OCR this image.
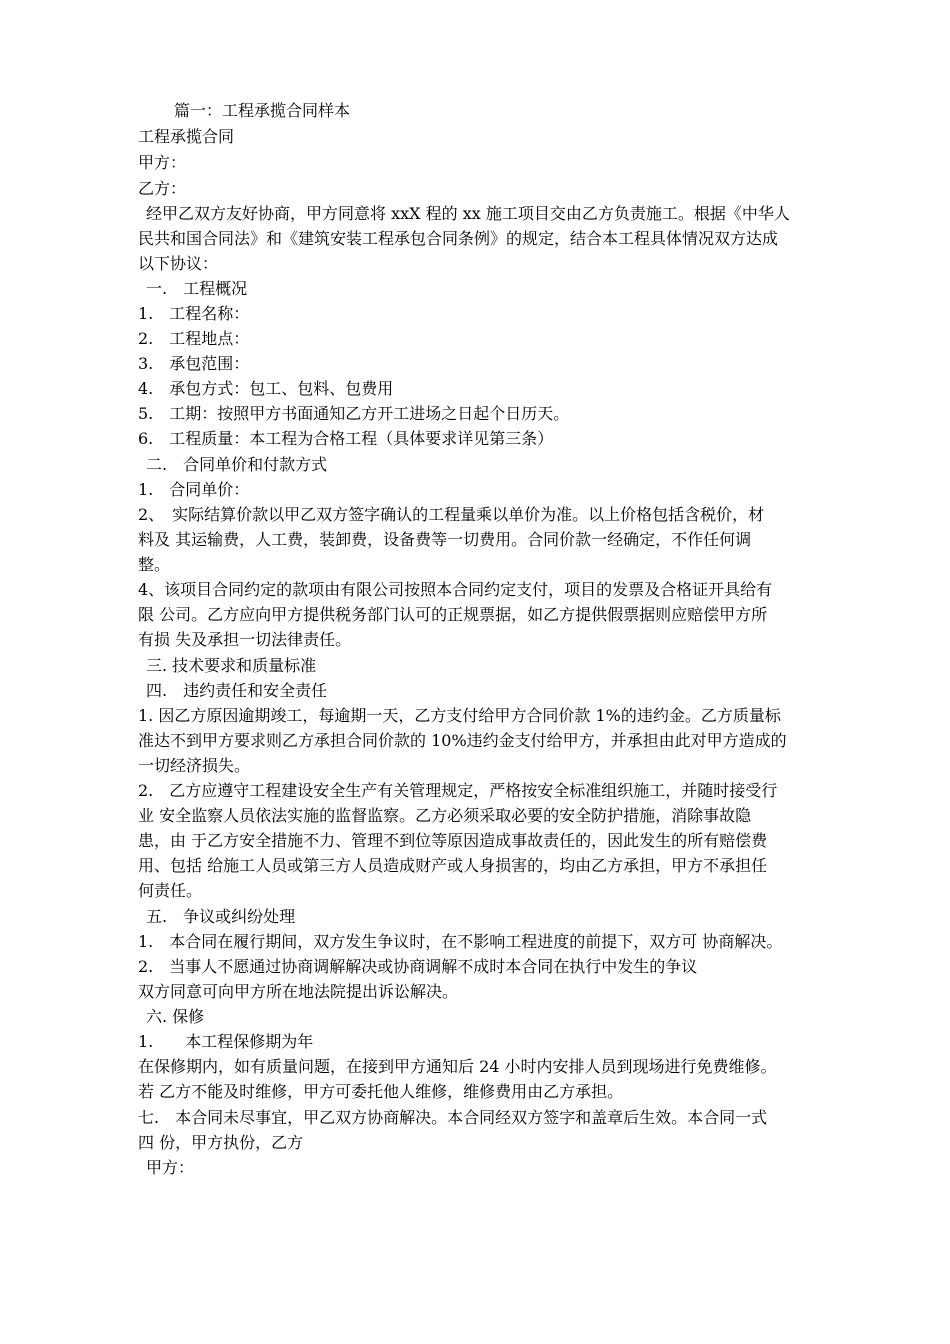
篇一：工程承揽合同样本
工程承揽合同
甲方：
乙方：
经甲乙双方友好协商，甲方同意将 xxX 程的 xx 施工项目交由乙方负责施工。根据《中华人
民共和国合同法》和《建筑安装工程承包合同条例》的规定，结合本工程具体情况双方达成
以下协议：
一.　工程概况
1.　工程名称：
2.　工程地点：
3.　承包范围：
4.　承包方式：包工、包料、包费用
5.　工期：按照甲方书面通知乙方开工进场之日起个日历天。
6.　工程质量：本工程为合格工程（具体要求详见第三条）
二.　合同单价和付款方式
1.　合同单价：
2、　实际结算价款以甲乙双方签字确认的工程量乘以单价为准。以上价格包括含税价，材
料及 其运输费，人工费，装卸费，设备费等一切费用。合同价款一经确定，不作任何调
整。
4、该项目合同约定的款项由有限公司按照本合同约定支付，项目的发票及合格证开具给有
限 公司。乙方应向甲方提供税务部门认可的正规票据，如乙方提供假票据则应赔偿甲方所
有损 失及承担一切法律责任。
三. 技术要求和质量标准
四.　违约责任和安全责任
1. 因乙方原因逾期竣工，每逾期一天，乙方支付给甲方合同价款 1%的违约金。乙方质量标
准达不到甲方要求则乙方承担合同价款的 10%违约金支付给甲方，并承担由此对甲方造成的
一切经济损失。
2.　乙方应遵守工程建设安全生产有关管理规定，严格按安全标准组织施工，并随时接受行
业 安全监察人员依法实施的监督监察。乙方必须采取必要的安全防护措施，消除事故隐
患，由 于乙方安全措施不力、管理不到位等原因造成事故责任的，因此发生的所有赔偿费
用、包括 给施工人员或第三方人员造成财产或人身损害的，均由乙方承担，甲方不承担任
何责任。
五.　争议或纠纷处理
1.　本合同在履行期间，双方发生争议时，在不影响工程进度的前提下，双方可 协商解决。
2.　当事人不愿通过协商调解解决或协商调解不成时本合同在执行中发生的争议
双方同意可向甲方所在地法院提出诉讼解决。
六. 保修
1.　　本工程保修期为年
在保修期内，如有质量问题，在接到甲方通知后 24 小时内安排人员到现场进行免费维修。
若 乙方不能及时维修，甲方可委托他人维修，维修费用由乙方承担。
七.　本合同未尽事宜，甲乙双方协商解决。本合同经双方签字和盖章后生效。本合同一式
四 份，甲方执份，乙方
甲方：
